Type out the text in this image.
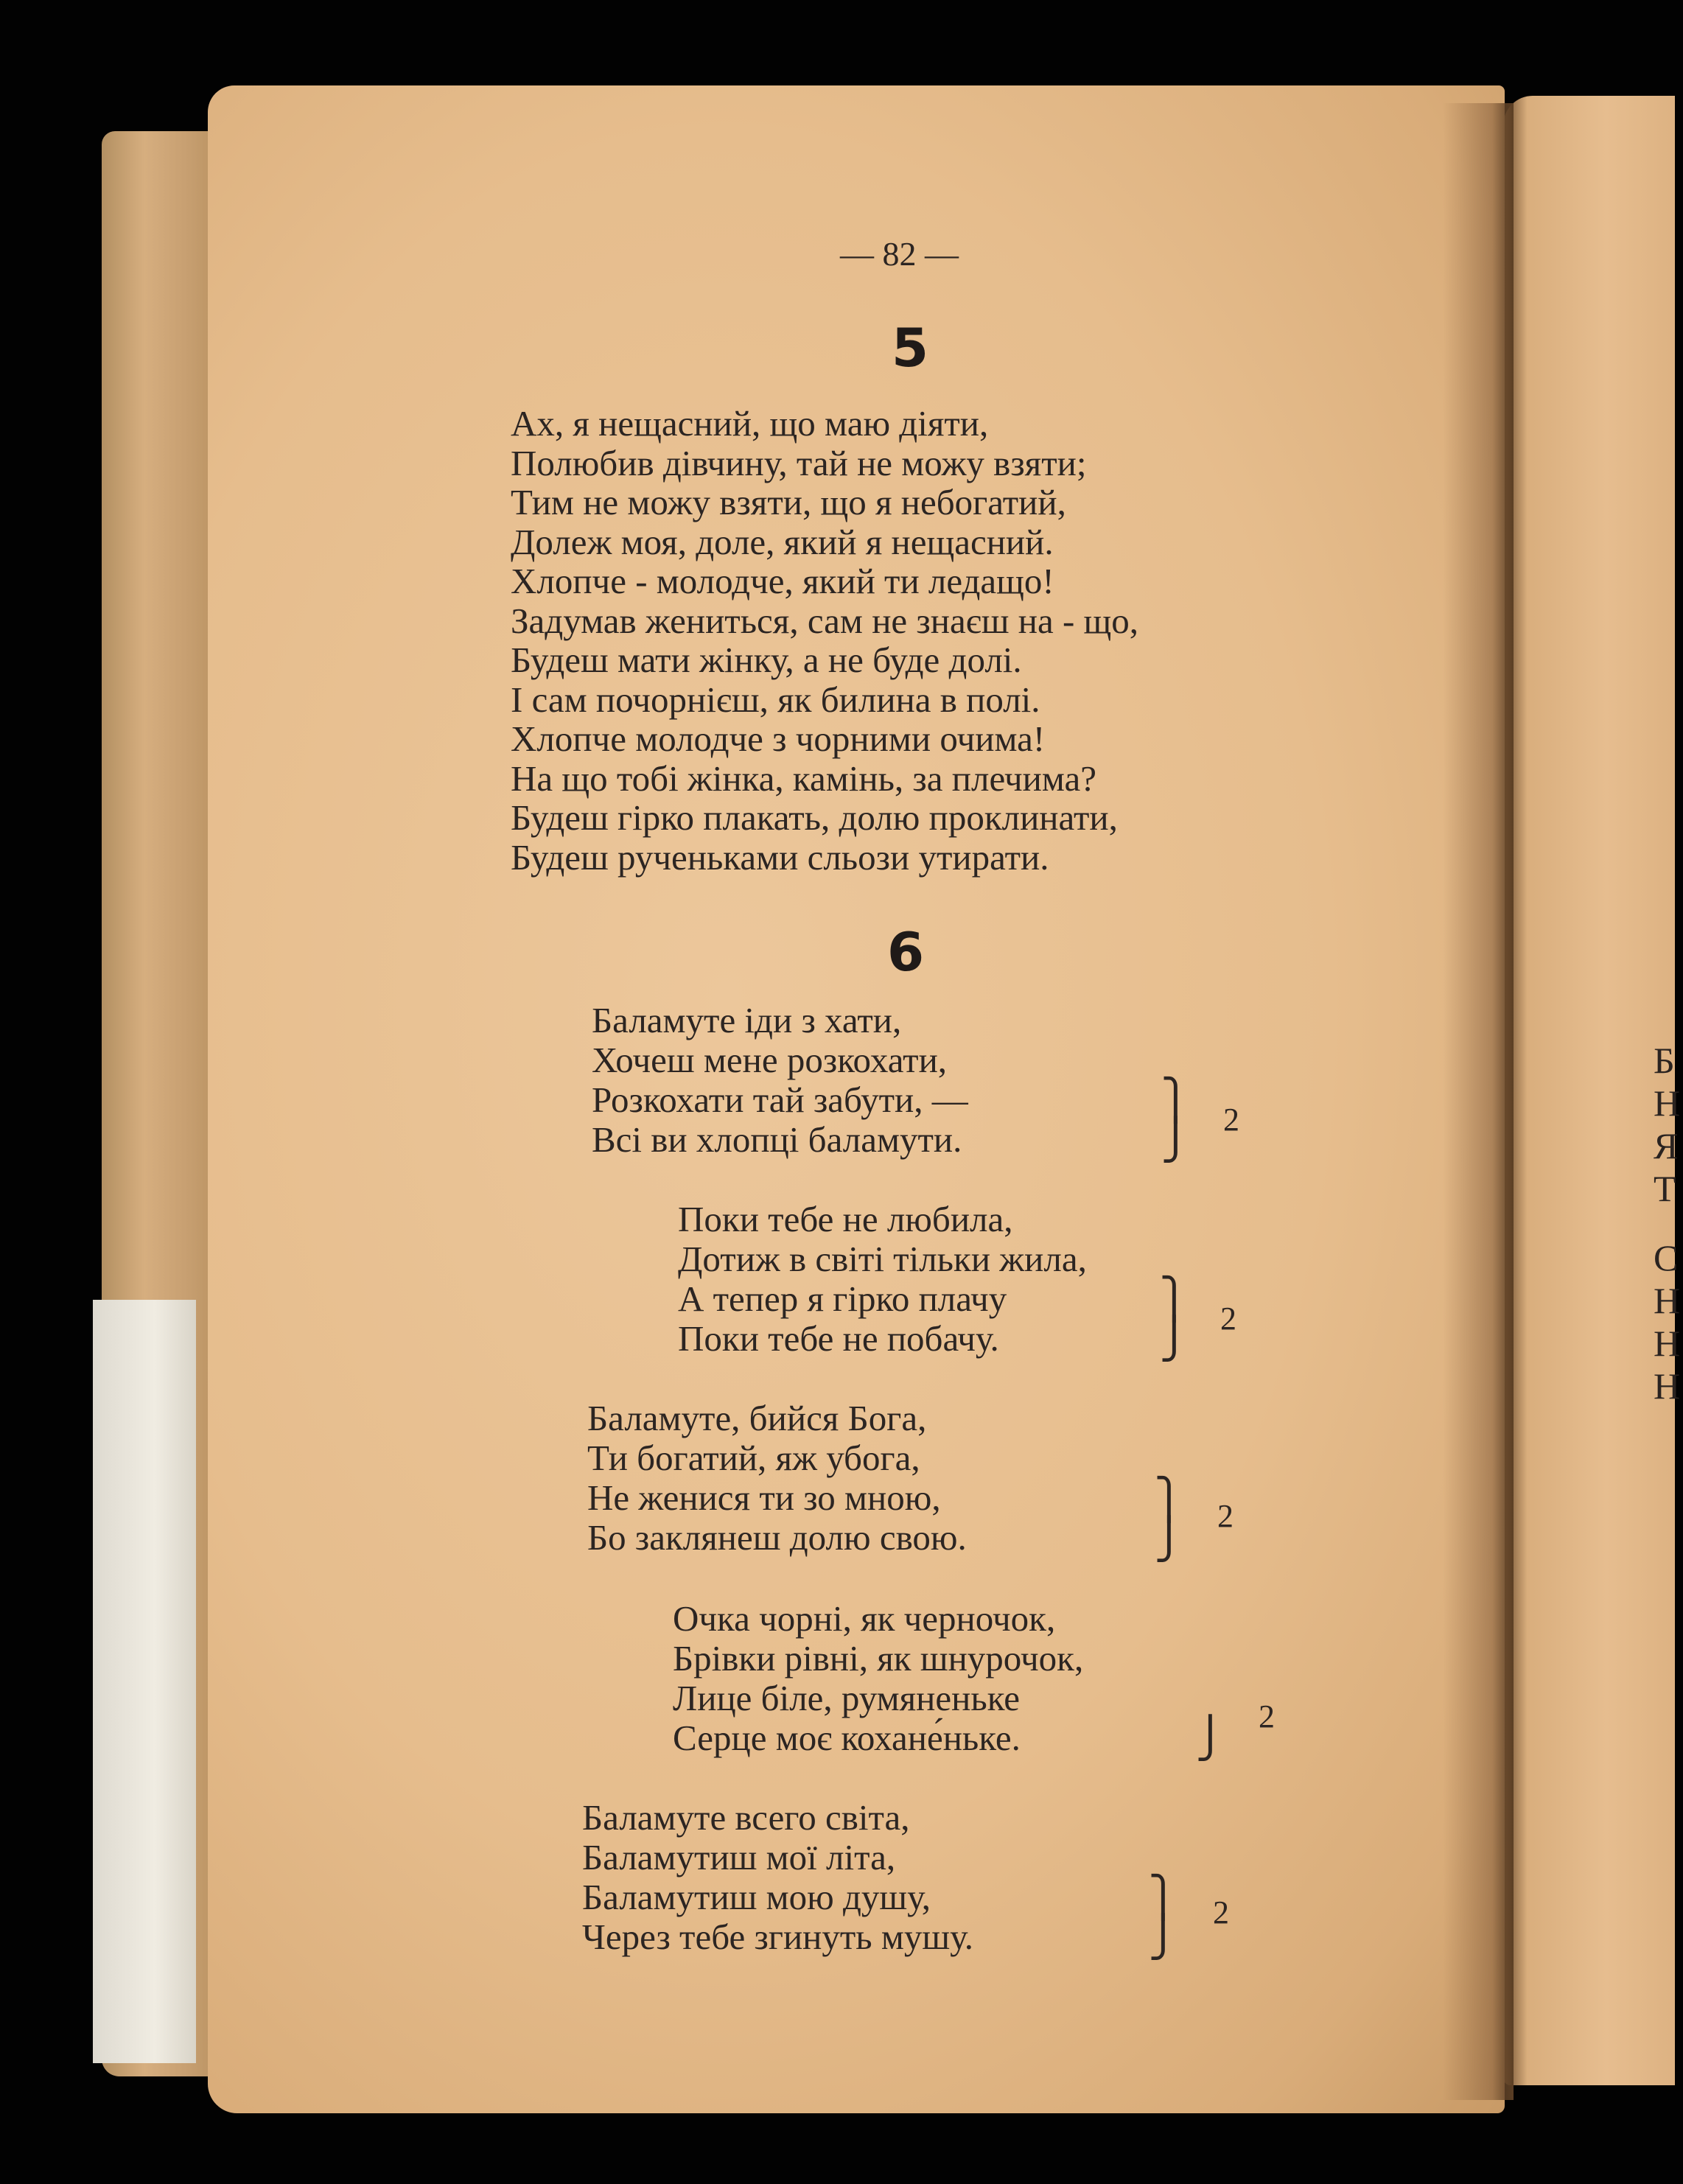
Б
Н
Я
Т
С
Н
Н
Н
— 82 —
5
Ах, я нещасний, що маю діяти,
Полюбив дівчину, тай не можу взяти;
Тим не можу взяти, що я небогатий,
Долеж моя, доле, який я нещасний.
Хлопче - молодче, який ти ледащо!
Задумав жениться, сам не знаєш на - що,
Будеш мати жінку, а не буде долі.
І сам почорнієш, як билина в полі.
Хлопче молодче з чорними очима!
На що тобі жінка, камінь, за плечима?
Будеш гірко плакать, долю проклинати,
Будеш рученьками сльози утирати.
6
Баламуте іди з хати,
Хочеш мене розкохати,
Розкохати тай забути, —
Всі ви хлопці баламути.
⎫
⎭ 2
Поки тебе не любила,
Дотиж в світі тільки жила,
А тепер я гірко плачу
Поки тебе не побачу.
⎫
⎭ 2
Баламуте, бийся Бога,
Ти богатий, яж убога,
Не женися ти зо мною,
Бо заклянеш долю свою.
⎫
⎭
2
Очка чорні, як черночок,
Брівки рівні, як шнурочок,
Лице біле, румяненьке
Серце моє кохане́ньке.	⎭ 2
Баламуте всего світа,
Баламутиш мої літа,
Баламутиш мою душу,
Через тебе згинуть мушу.
⎫
⎭
2
